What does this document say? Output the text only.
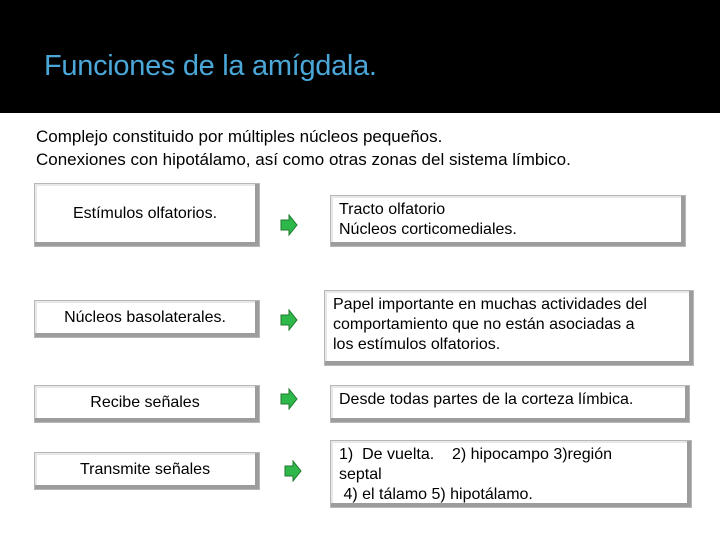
Funciones de la amígdala.
Complejo constituido por múltiples núcleos pequeños.
Conexiones con hipotálamo, así como otras zonas del sistema límbico.
Estímulos olfatorios.	Tracto olfatorio
Núcleos corticomediales.
Núcleos basolaterales.
Papel importante en muchas actividades del
comportamiento que no están asociadas a
los estímulos olfatorios.
Recibe señales	Desde todas partes de la corteza límbica.
Transmite señales
1)  De vuelta.    2) hipocampo 3)región
septal
4) el tálamo 5) hipotálamo.
